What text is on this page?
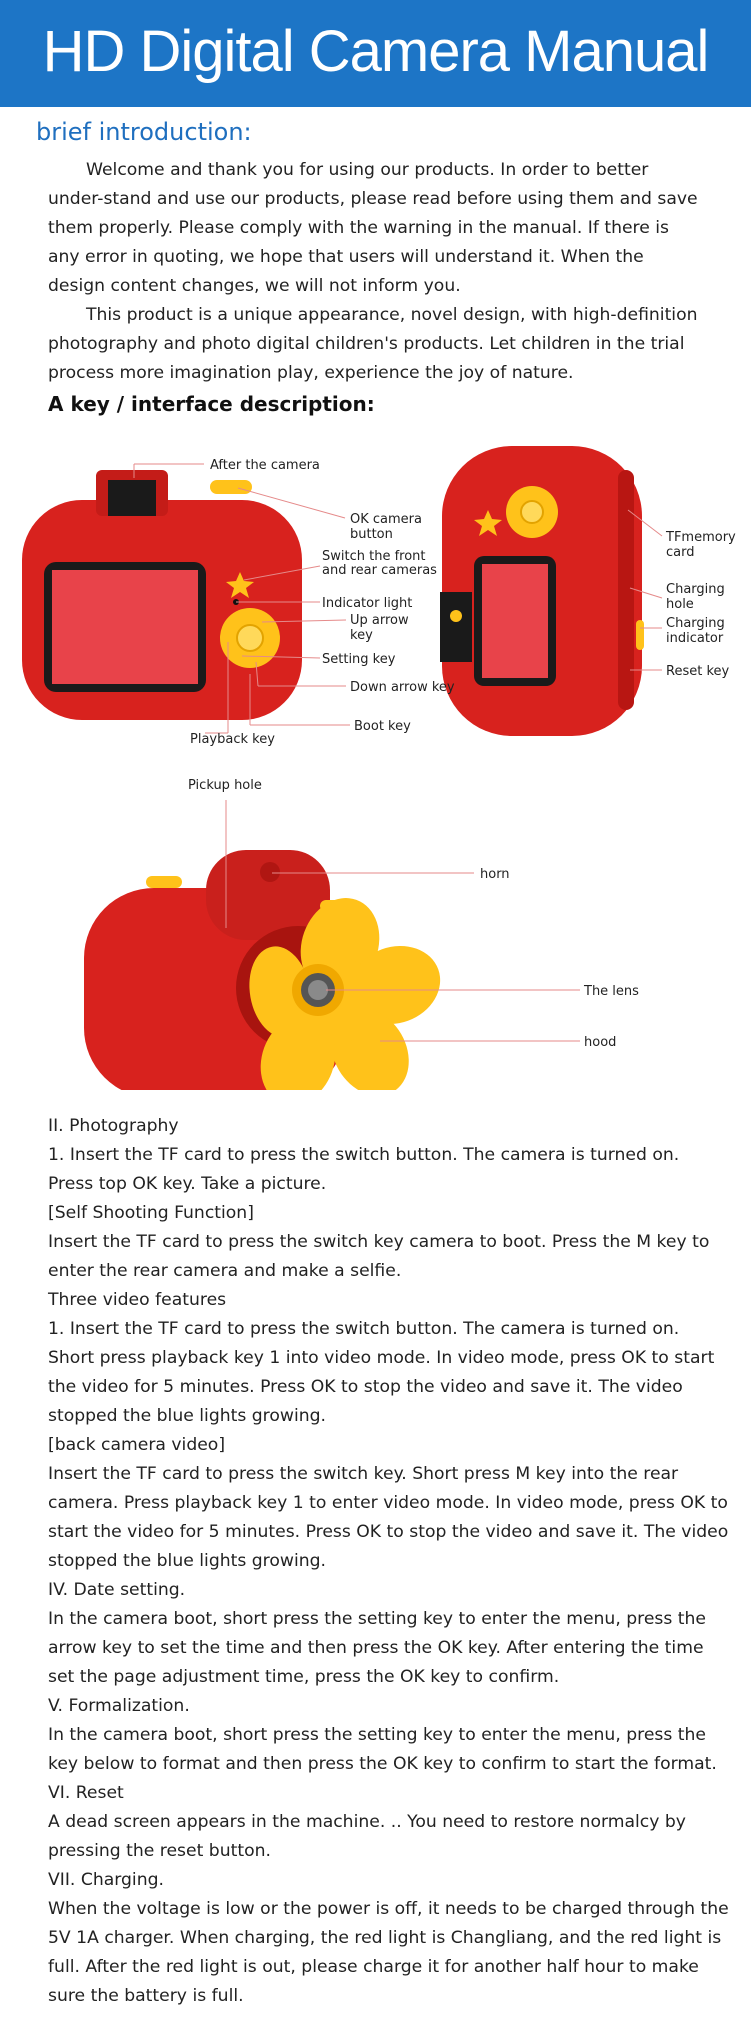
HD Digital Camera Manual
brief introduction:

Welcome and thank you for using our products. In order to better under-stand and use our products, please read before using them and save them properly. Please comply with the warning in the manual. If there is any error in quoting, we hope that users will understand it. When the design content changes, we will not inform you.

This product is a unique appearance, novel design, with high-definition photography and photo digital children's products. Let children in the trial process more imagination play, experience the joy of nature.

A key / interface description:
After the camera
OK camera
button
Switch the front
and rear cameras
Indicator light
Up arrow
key
Setting key
Down arrow key
Boot key
Playback key
TFmemory
card
Charging
hole
Charging
indicator
Reset key
Pickup hole
horn
The lens
hood
II. Photography
1. Insert the TF card to press the switch button. The camera is turned on.
Press top OK key. Take a picture.
[Self Shooting Function]
Insert the TF card to press the switch key camera to boot. Press the M key to
enter the rear camera and make a selfie.
Three video features
1. Insert the TF card to press the switch button. The camera is turned on.
Short press playback key 1 into video mode. In video mode, press OK to start
the video for 5 minutes. Press OK to stop the video and save it. The video
stopped the blue lights growing.
[back camera video]
Insert the TF card to press the switch key. Short press M key into the rear
camera. Press playback key 1 to enter video mode. In video mode, press OK to
start the video for 5 minutes. Press OK to stop the video and save it. The video
stopped the blue lights growing.
IV. Date setting.
In the camera boot, short press the setting key to enter the menu, press the
arrow key to set the time and then press the OK key. After entering the time
set the page adjustment time, press the OK key to confirm.
V. Formalization.
In the camera boot, short press the setting key to enter the menu, press the
key below to format and then press the OK key to confirm to start the format.
VI. Reset
A dead screen appears in the machine. .. You need to restore normalcy by
pressing the reset button.
VII. Charging.
When the voltage is low or the power is off, it needs to be charged through the
5V 1A charger. When charging, the red light is Changliang, and the red light is
full. After the red light is out, please charge it for another half hour to make
sure the battery is full.
